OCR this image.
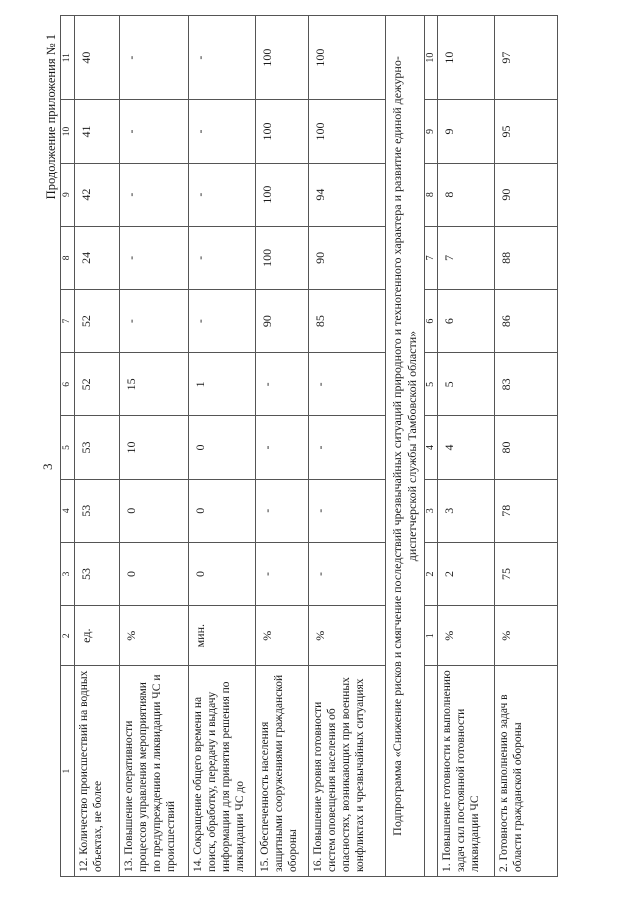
3
Продолжение приложения № 1
1	2	3	4	5	6	7	8	9	10	11
12. Количество происшествий на водных объектах, не более	ед.	53	53	53	52	52	24	42	41	40
13. Повышение оперативности процессов управления мероприятиями по предупреждению и ликвидации ЧС и происшествий	%	0	0	10	15	-	-	-	-	-
14. Сокращение общего времени на поиск, обработку, передачу и выдачу информации для принятия решения по ликвидации ЧС до	мин.	0	0	0	1	-	-	-	-	-
15. Обеспеченность населения защитными сооружениями гражданской обороны	%	-	-	-	-	90	100	100	100	100
16. Повышение уровня готовности систем оповещения населения об опасностях, возникающих при военных конфликтах и чрезвычайных ситуациях	%	-	-	-	-	85	90	94	100	100
Подпрограмма «Снижение рисков и смягчение последствий чрезвычайных ситуаций природного и техногенного характера и развитие единой дежурно-диспетчерской службы Тамбовской области»										
	1	2	3	4	5	6	7	8	9	10
1. Повышение готовности к выполнению задач сил постоянной готовности ликвидации ЧС	%	2	3	4	5	6	7	8	9	10
2. Готовность к выполнению задач в области гражданской обороны	%	75	78	80	83	86	88	90	95	97
